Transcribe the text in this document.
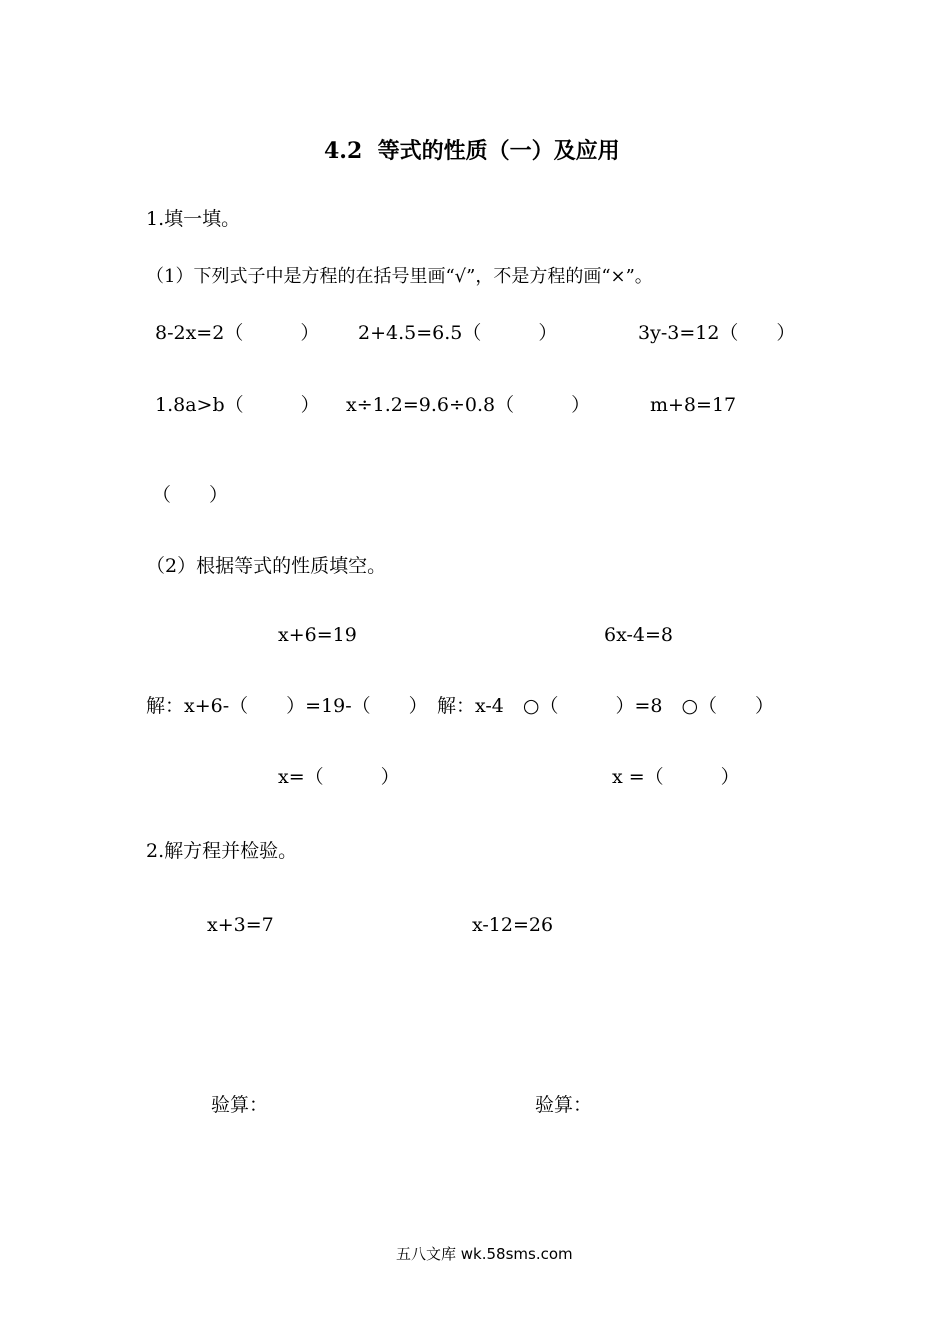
4.2  等式的性质（一）及应用
1.填一填。
（1）下列式子中是方程的在括号里画“√”，不是方程的画“×”。
8-2x=2（　　　） 2+4.5=6.5（　　　）	3y-3=12（　　）
1.8a>b（　　　） x÷1.2=9.6÷0.8（　　　）	m+8=17
（　　）
（2）根据等式的性质填空。
x+6=19	6x-4=8
解：x+6-（　　）=19-（　　） 解：x-4　○（　　　）=8　○（　　）
x=（　　　）	x =（　　　）
2.解方程并检验。
x+3=7	x-12=26
验算：	验算：
五八文库 wk.58sms.com
